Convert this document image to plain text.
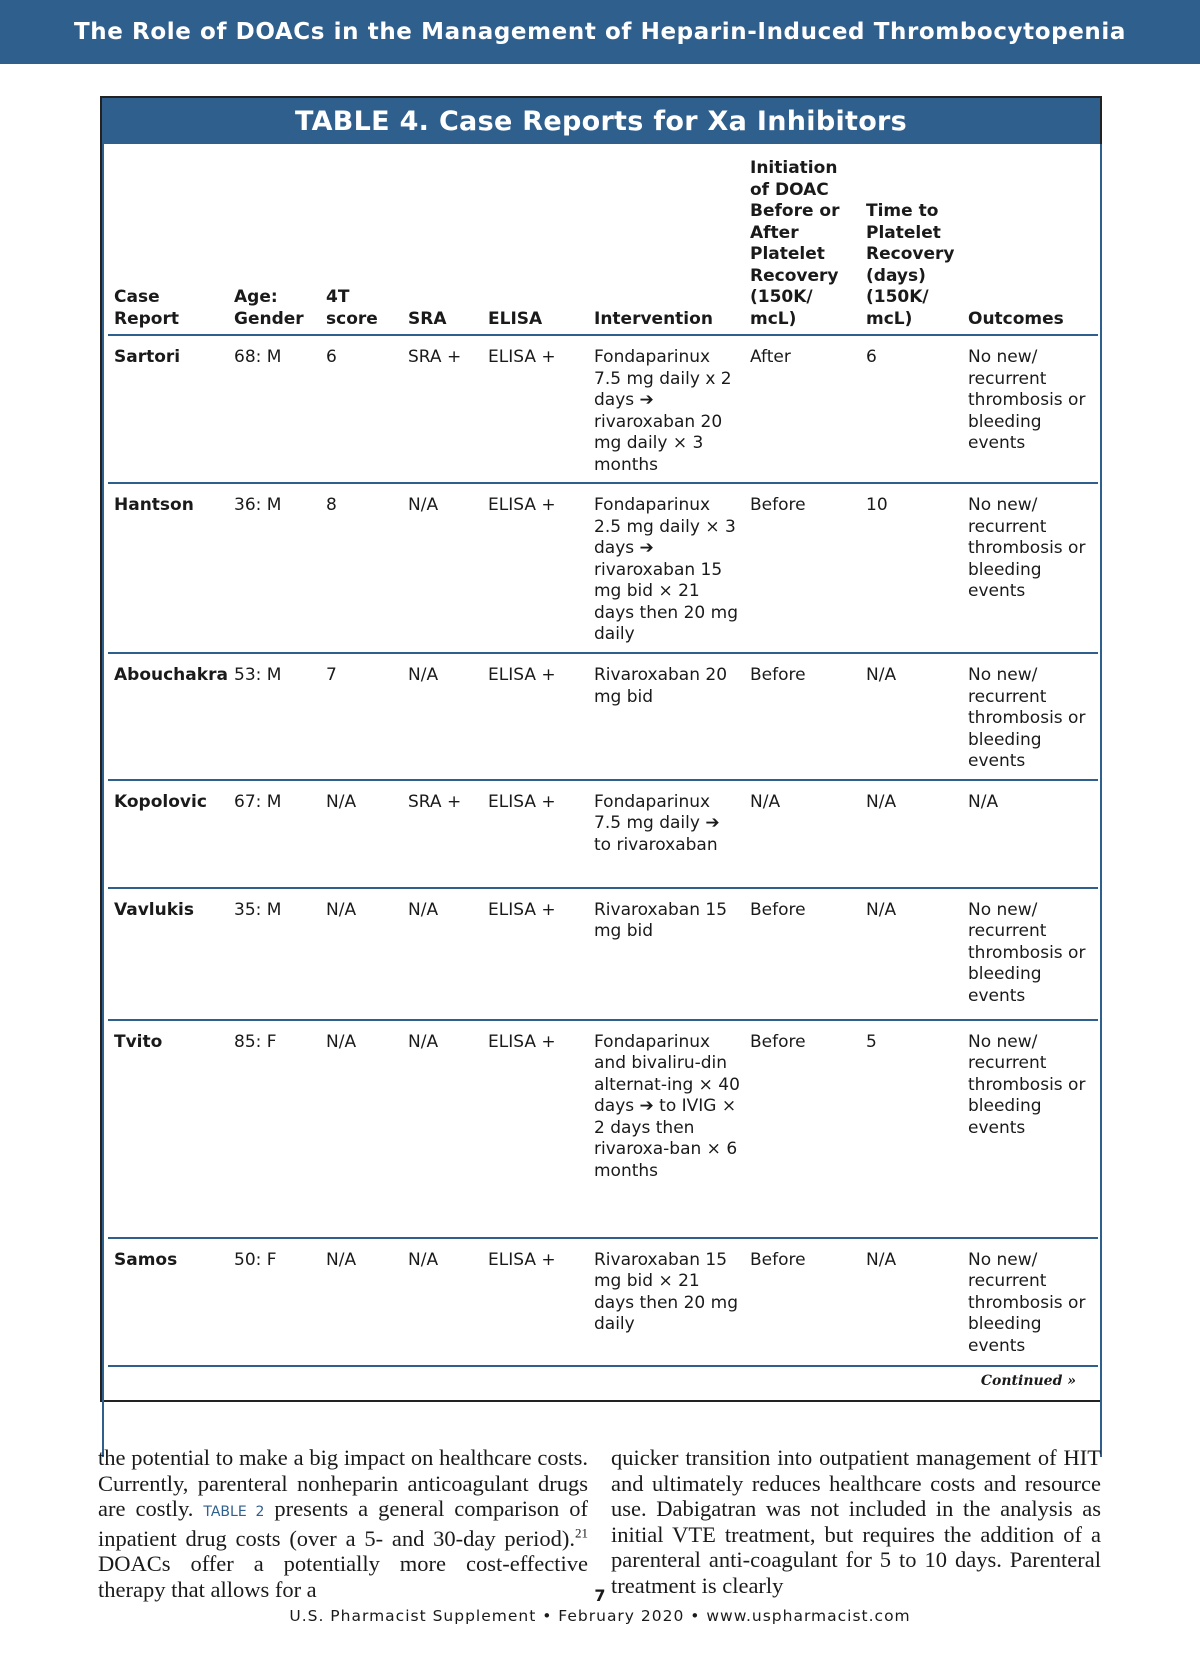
The Role of DOACs in the Management of Heparin-Induced Thrombocytopenia
TABLE 4. Case Reports for Xa Inhibitors
Case Report	Age: Gender	4T score	SRA	ELISA	Intervention	Initiation of DOAC Before or After Platelet Recovery (150K/ mcL)	Time to Platelet Recovery (days) (150K/ mcL)	Outcomes
Sartori	68: M	6	SRA +	ELISA +	Fondaparinux 7.5 mg daily x 2 days ➔ rivaroxaban 20 mg daily × 3 months	After	6	No new/ recurrent thrombosis or bleeding events
Hantson	36: M	8	N/A	ELISA +	Fondaparinux 2.5 mg daily × 3 days ➔ rivaroxaban 15 mg bid × 21 days then 20 mg daily	Before	10	No new/ recurrent thrombosis or bleeding events
Abouchakra	53: M	7	N/A	ELISA +	Rivaroxaban 20 mg bid	Before	N/A	No new/ recurrent thrombosis or bleeding events
Kopolovic	67: M	N/A	SRA +	ELISA +	Fondaparinux 7.5 mg daily ➔ to rivaroxaban	N/A	N/A	N/A
Vavlukis	35: M	N/A	N/A	ELISA +	Rivaroxaban 15 mg bid	Before	N/A	No new/ recurrent thrombosis or bleeding events
Tvito	85: F	N/A	N/A	ELISA +	Fondaparinux and bivaliru-din alternat-ing × 40 days ➔ to IVIG × 2 days then rivaroxa-ban × 6 months	Before	5	No new/ recurrent thrombosis or bleeding events
Samos	50: F	N/A	N/A	ELISA +	Rivaroxaban 15 mg bid × 21 days then 20 mg daily	Before	N/A	No new/ recurrent thrombosis or bleeding events
Continued »
the potential to make a big impact on healthcare costs. Currently, parenteral nonheparin anticoagulant drugs are costly. TABLE 2 presents a general comparison of inpatient drug costs (over a 5- and 30-day period).$^{21}$ DOACs offer a potentially more cost-effective therapy that allows for a
quicker transition into outpatient management of HIT and ultimately reduces healthcare costs and resource use. Dabigatran was not included in the analysis as initial VTE treatment, but requires the addition of a parenteral anti-coagulant for 5 to 10 days. Parenteral treatment is clearly
7
U.S. Pharmacist Supplement • February 2020 • www.uspharmacist.com
